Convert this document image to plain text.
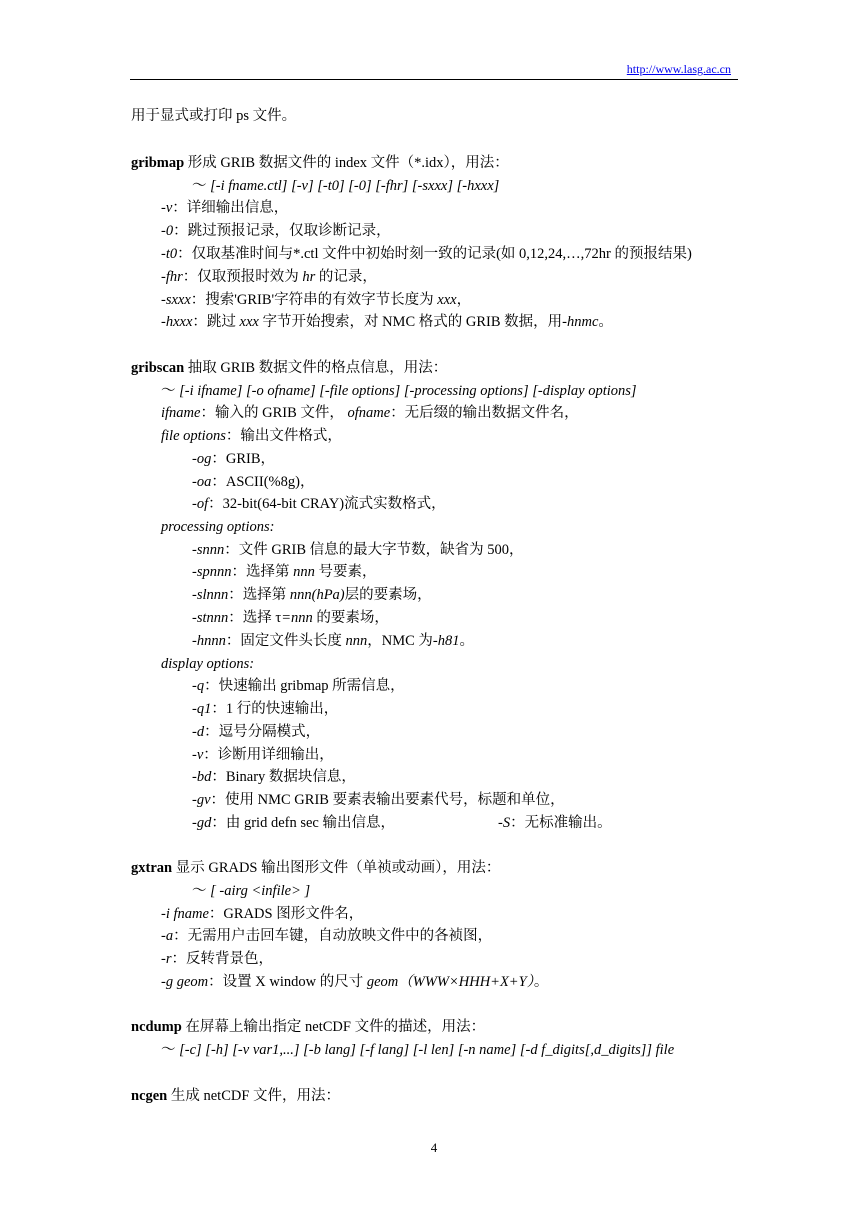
http://www.lasg.ac.cn
用于显式或打印 ps 文件。
gribmap 形成 GRIB 数据文件的 index 文件（*.idx），用法：
～ [-i fname.ctl] [-v] [-t0] [-0] [-fhr] [-sxxx] [-hxxx]
-v：详细输出信息，
-0：跳过预报记录，仅取诊断记录，
-t0：仅取基准时间与*.ctl 文件中初始时刻一致的记录(如 0,12,24,…,72hr 的预报结果)
-fhr：仅取预报时效为 hr 的记录，
-sxxx：搜索'GRIB'字符串的有效字节长度为 xxx，
-hxxx：跳过 xxx 字节开始搜索，对 NMC 格式的 GRIB 数据，用-hnmc。
gribscan 抽取 GRIB 数据文件的格点信息，用法：
～ [-i ifname] [-o ofname] [-file options] [-processing options] [-display options]
ifname：输入的 GRIB 文件， ofname：无后缀的输出数据文件名，
file options：输出文件格式，
-og：GRIB，
-oa：ASCII(%8g)，
-of：32-bit(64-bit CRAY)流式实数格式，
processing options:
-snnn：文件 GRIB 信息的最大字节数，缺省为 500，
-spnnn：选择第 nnn 号要素，
-slnnn：选择第 nnn(hPa)层的要素场，
-stnnn：选择 τ=nnn 的要素场，
-hnnn：固定文件头长度 nnn，NMC 为-h81。
display options:
-q：快速输出 gribmap 所需信息，
-q1：1 行的快速输出，
-d：逗号分隔模式，
-v：诊断用详细输出，
-bd：Binary 数据块信息，
-gv：使用 NMC GRIB 要素表输出要素代号，标题和单位，
-gd：由 grid defn sec 输出信息，	-S：无标准输出。
gxtran 显示 GRADS 输出图形文件（单祯或动画），用法：
～ [ -airg <infile> ]
-i fname：GRADS 图形文件名，
-a：无需用户击回车键，自动放映文件中的各祯图，
-r：反转背景色，
-g geom：设置 X window 的尺寸 geom（WWW×HHH+X+Y）。
ncdump 在屏幕上输出指定 netCDF 文件的描述，用法：
～ [-c] [-h] [-v var1,...] [-b lang] [-f lang] [-l len] [-n name] [-d f_digits[,d_digits]] file
ncgen 生成 netCDF 文件，用法：
4
